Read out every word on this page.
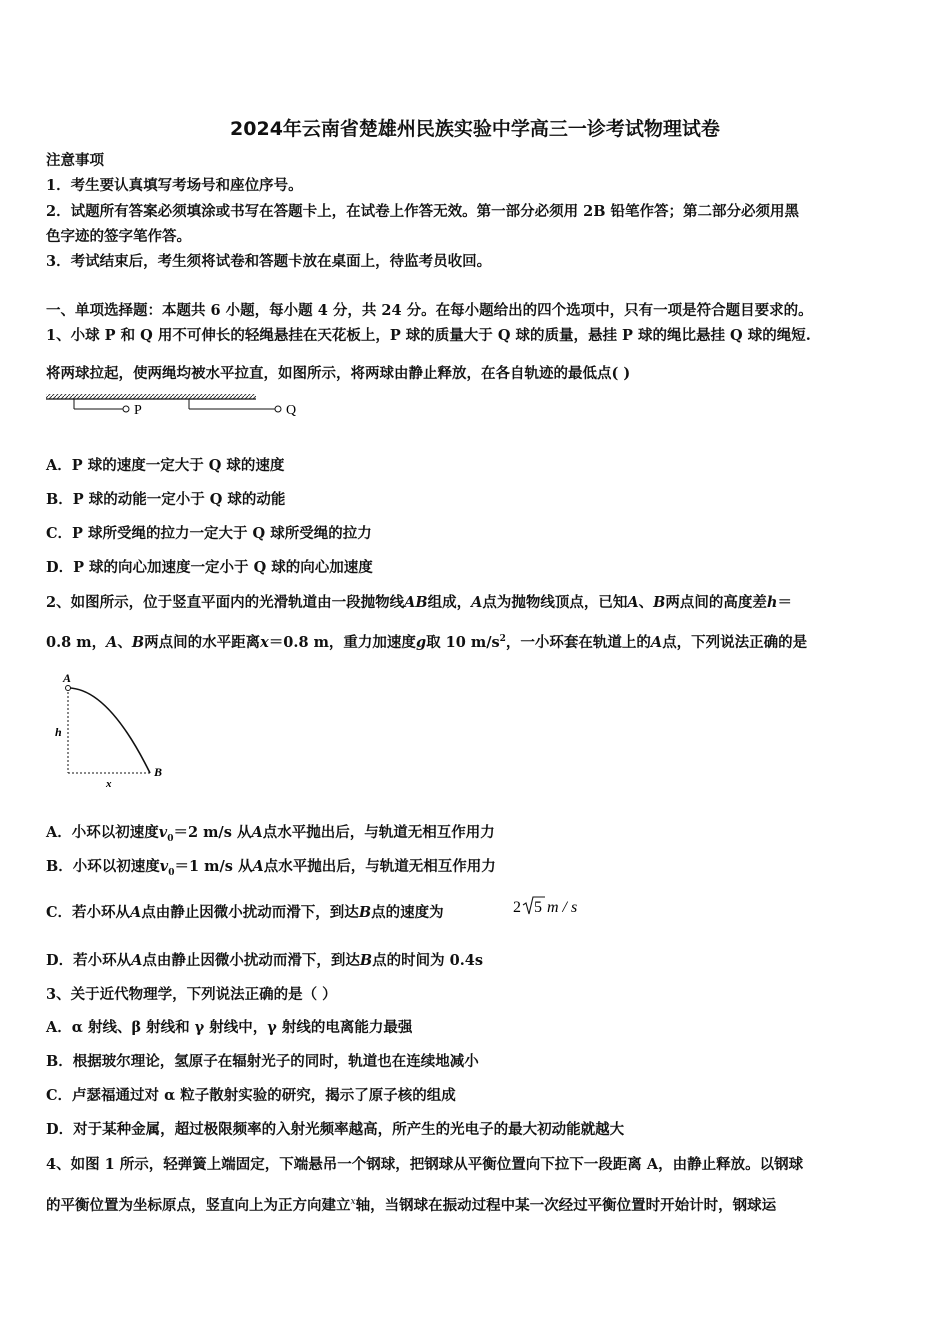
2024年云南省楚雄州民族实验中学高三一诊考试物理试卷
注意事项
1．考生要认真填写考场号和座位序号。
2．试题所有答案必须填涂或书写在答题卡上，在试卷上作答无效。第一部分必须用 2B 铅笔作答；第二部分必须用黑
色字迹的签字笔作答。
3．考试结束后，考生须将试卷和答题卡放在桌面上，待监考员收回。
一、单项选择题：本题共 6 小题，每小题 4 分，共 24 分。在每小题给出的四个选项中，只有一项是符合题目要求的。
1、小球 P 和 Q 用不可伸长的轻绳悬挂在天花板上，P 球的质量大于 Q 球的质量，悬挂 P 球的绳比悬挂 Q 球的绳短.
将两球拉起，使两绳均被水平拉直，如图所示，将两球由静止释放，在各自轨迹的最低点( )
P	Q
A．P 球的速度一定大于 Q 球的速度
B．P 球的动能一定小于 Q 球的动能
C．P 球所受绳的拉力一定大于 Q 球所受绳的拉力
D．P 球的向心加速度一定小于 Q 球的向心加速度
2、如图所示，位于竖直平面内的光滑轨道由一段抛物线AB组成，A点为抛物线顶点，已知A、B两点间的高度差h＝
0.8 m，A、B两点间的水平距离x＝0.8 m，重力加速度g取 10 $m/s^2$，一小环套在轨道上的A点，下列说法正确的是
A
B
h
x
A．小环以初速度$v_0=2$ m/s 从A点水平抛出后，与轨道无相互作用力
B．小环以初速度$v_0=1$ m/s 从A点水平抛出后，与轨道无相互作用力
C．若小环从A点由静止因微小扰动而滑下，到达B点的速度为	2 5 m / s
D．若小环从A点由静止因微小扰动而滑下，到达B点的时间为 0.4s
3、关于近代物理学，下列说法正确的是（ ）
A．α 射线、β 射线和 γ 射线中，γ 射线的电离能力最强
B．根据玻尔理论，氢原子在辐射光子的同时，轨道也在连续地减小
C．卢瑟福通过对 α 粒子散射实验的研究，揭示了原子核的组成
D．对于某种金属，超过极限频率的入射光频率越高，所产生的光电子的最大初动能就越大
4、如图 1 所示，轻弹簧上端固定，下端悬吊一个钢球，把钢球从平衡位置向下拉下一段距离 A，由静止释放。以钢球
的平衡位置为坐标原点，竖直向上为正方向建立$^x$轴，当钢球在振动过程中某一次经过平衡位置时开始计时，钢球运
